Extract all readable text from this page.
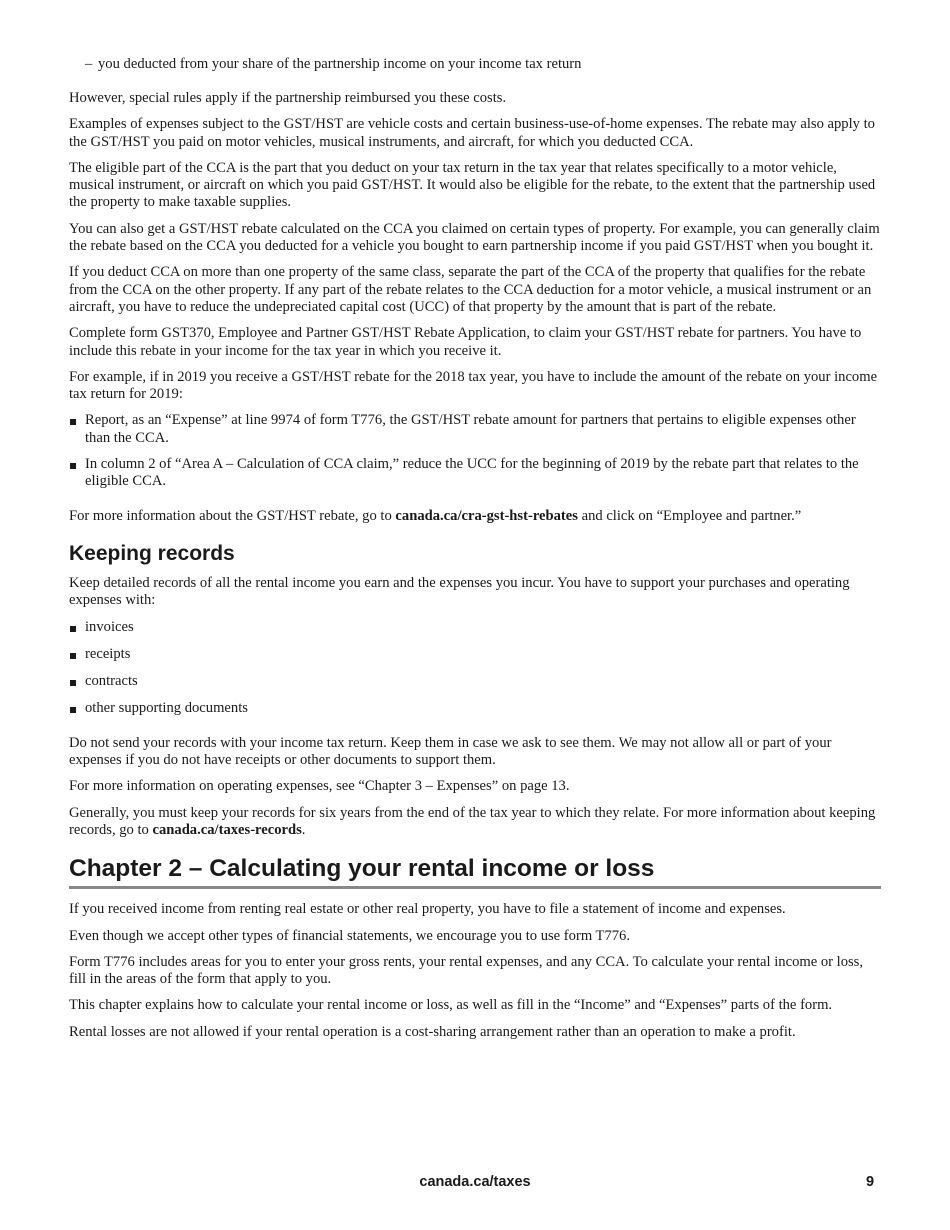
– you deducted from your share of the partnership income on your income tax return

However, special rules apply if the partnership reimbursed you these costs.

Examples of expenses subject to the GST/HST are vehicle costs and certain business-use-of-home expenses. The rebate may also apply to the GST/HST you paid on motor vehicles, musical instruments, and aircraft, for which you deducted CCA.

The eligible part of the CCA is the part that you deduct on your tax return in the tax year that relates specifically to a motor vehicle, musical instrument, or aircraft on which you paid GST/HST. It would also be eligible for the rebate, to the extent that the partnership used the property to make taxable supplies.

You can also get a GST/HST rebate calculated on the CCA you claimed on certain types of property. For example, you can generally claim the rebate based on the CCA you deducted for a vehicle you bought to earn partnership income if you paid GST/HST when you bought it.

If you deduct CCA on more than one property of the same class, separate the part of the CCA of the property that qualifies for the rebate from the CCA on the other property. If any part of the rebate relates to the CCA deduction for a motor vehicle, a musical instrument or an aircraft, you have to reduce the undepreciated capital cost (UCC) of that property by the amount that is part of the rebate.

Complete form GST370, Employee and Partner GST/HST Rebate Application, to claim your GST/HST rebate for partners. You have to include this rebate in your income for the tax year in which you receive it.

For example, if in 2019 you receive a GST/HST rebate for the 2018 tax year, you have to include the amount of the rebate on your income tax return for 2019:

Report, as an “Expense” at line 9974 of form T776, the GST/HST rebate amount for partners that pertains to eligible expenses other than the CCA.
In column 2 of “Area A – Calculation of CCA claim,” reduce the UCC for the beginning of 2019 by the rebate part that relates to the eligible CCA.

For more information about the GST/HST rebate, go to canada.ca/cra-gst-hst-rebates and click on “Employee and partner.”

Keeping records

Keep detailed records of all the rental income you earn and the expenses you incur. You have to support your purchases and operating expenses with:

invoices
receipts
contracts
other supporting documents

Do not send your records with your income tax return. Keep them in case we ask to see them. We may not allow all or part of your expenses if you do not have receipts or other documents to support them.

For more information on operating expenses, see “Chapter 3 – Expenses” on page 13.

Generally, you must keep your records for six years from the end of the tax year to which they relate. For more information about keeping records, go to canada.ca/taxes-records.

Chapter 2 – Calculating your rental income or loss

If you received income from renting real estate or other real property, you have to file a statement of income and expenses.

Even though we accept other types of financial statements, we encourage you to use form T776.

Form T776 includes areas for you to enter your gross rents, your rental expenses, and any CCA. To calculate your rental income or loss, fill in the areas of the form that apply to you.

This chapter explains how to calculate your rental income or loss, as well as fill in the “Income” and “Expenses” parts of the form.

Rental losses are not allowed if your rental operation is a cost-sharing arrangement rather than an operation to make a profit.

canada.ca/taxes	9
